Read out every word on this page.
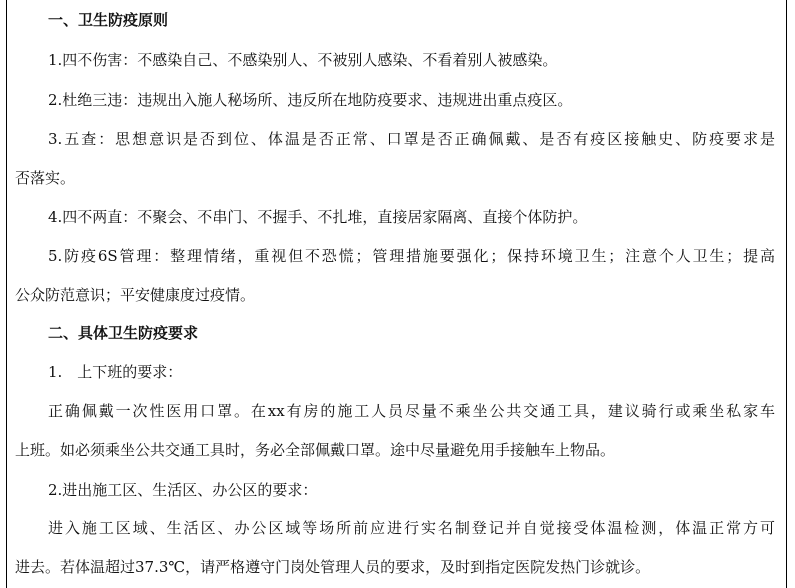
一、卫生防疫原则
1.四不伤害：不感染自己、不感染别人、不被别人感染、不看着别人被感染。
2.杜绝三违：违规出入施人秘场所、违反所在地防疫要求、违规进出重点疫区。
3.五查：思想意识是否到位、体温是否正常、口罩是否正确佩戴、是否有疫区接触史、防疫要求是
否落实。
4.四不两直：不聚会、不串门、不握手、不扎堆，直接居家隔离、直接个体防护。
5.防疫6S管理：整理情绪，重视但不恐慌；管理措施要强化；保持环境卫生；注意个人卫生；提高
公众防范意识；平安健康度过疫情。
二、具体卫生防疫要求
1.　上下班的要求：
正确佩戴一次性医用口罩。在xx有房的施工人员尽量不乘坐公共交通工具，建议骑行或乘坐私家车
上班。如必须乘坐公共交通工具时，务必全部佩戴口罩。途中尽量避免用手接触车上物品。
2.进出施工区、生活区、办公区的要求：
进入施工区域、生活区、办公区域等场所前应进行实名制登记并自觉接受体温检测，体温正常方可
进去。若体温超过37.3℃，请严格遵守门岗处管理人员的要求，及时到指定医院发热门诊就诊。
